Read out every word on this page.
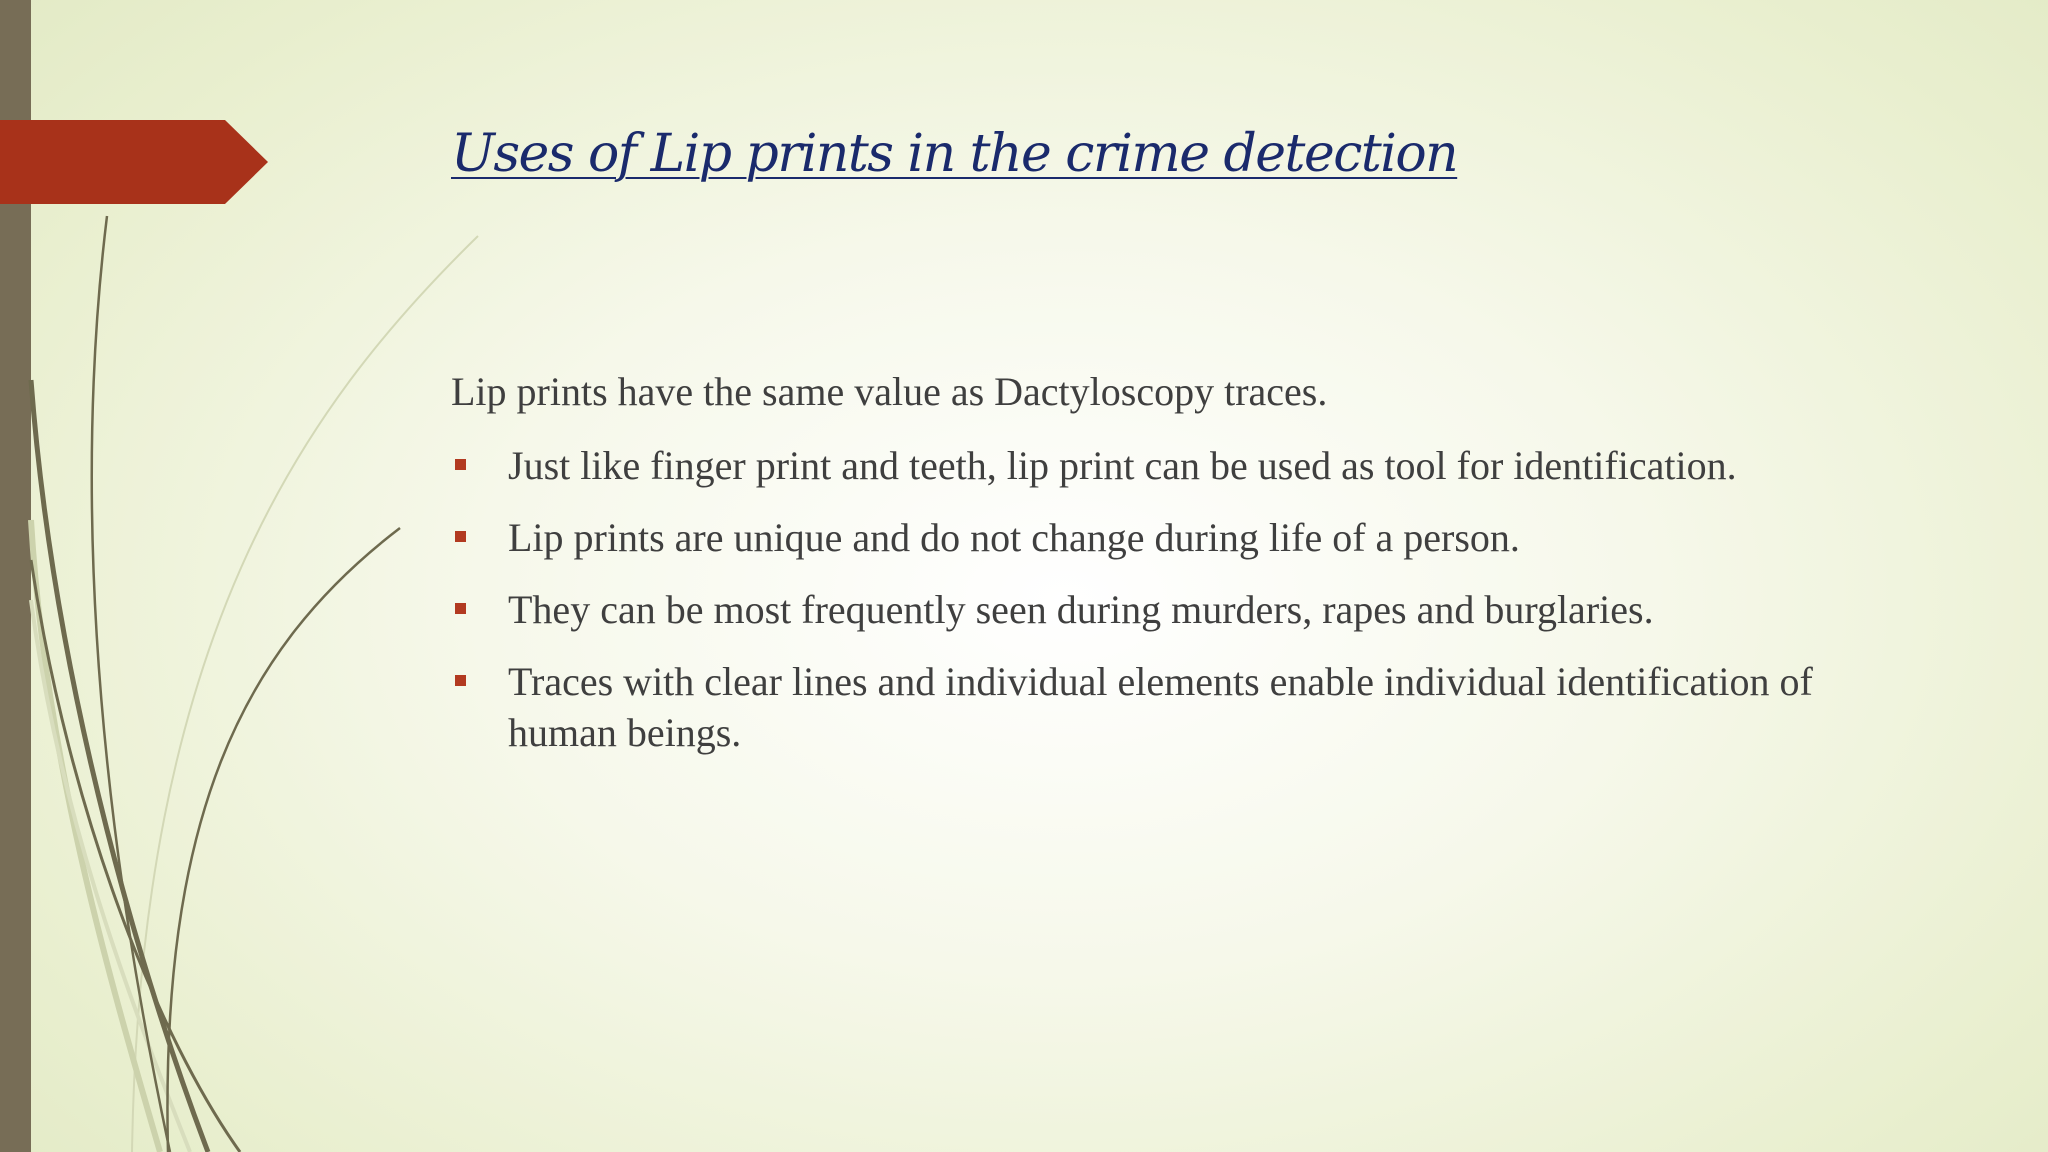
Uses of Lip prints in the crime detection

Lip prints have the same value as Dactyloscopy traces.

Just like finger print and teeth, lip print can be used as tool for identification.
Lip prints are unique and do not change during life of a person.
They can be most frequently seen during murders, rapes and burglaries.
Traces with clear lines and individual elements enable individual identification of human beings.
